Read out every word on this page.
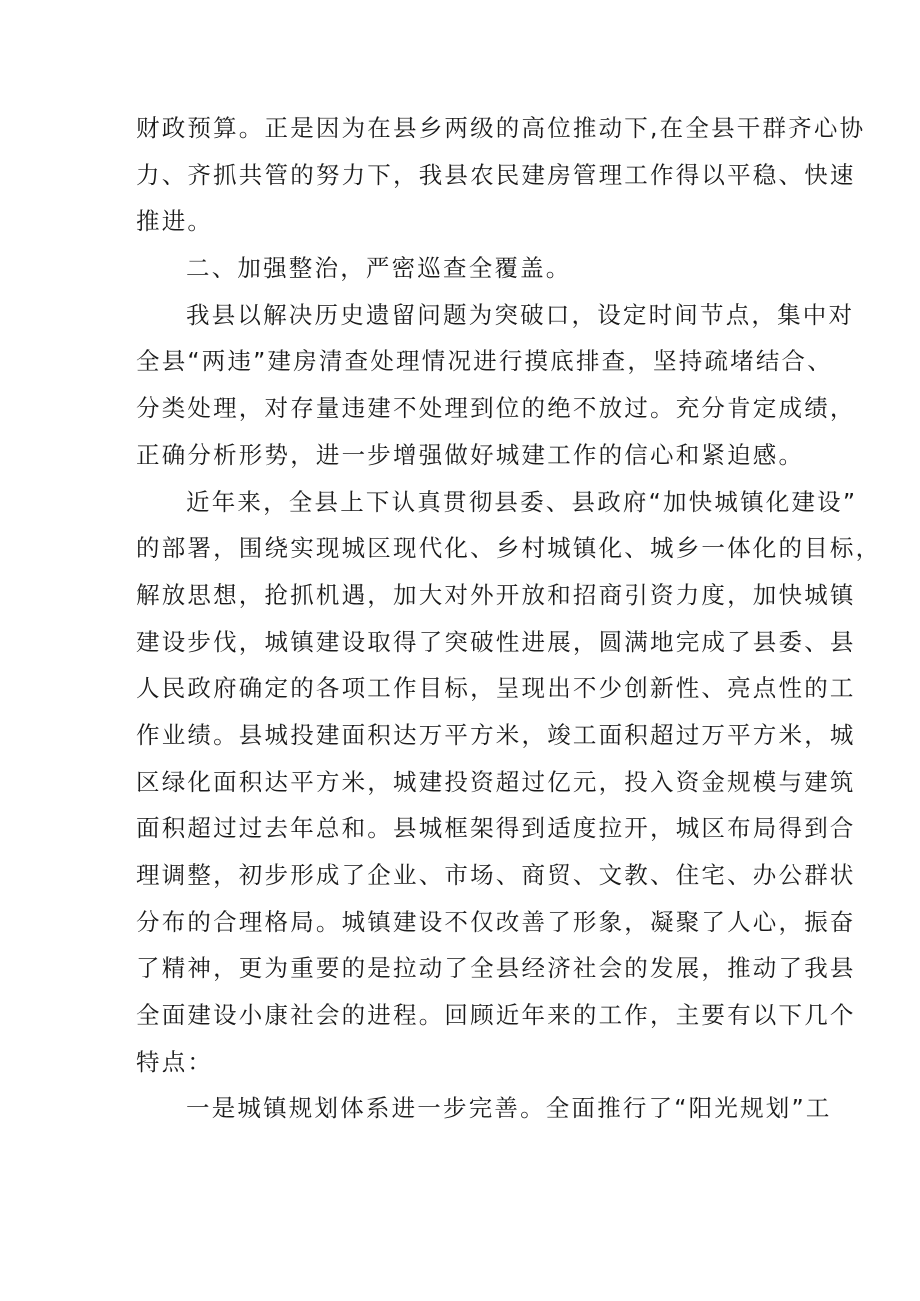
财政预算。正是因为在县乡两级的高位推动下,在全县干群齐心协
力、齐抓共管的努力下，我县农民建房管理工作得以平稳、快速
推进。
二、加强整治，严密巡查全覆盖。
我县以解决历史遗留问题为突破口，设定时间节点，集中对
全县“两违”建房清查处理情况进行摸底排查，坚持疏堵结合、
分类处理，对存量违建不处理到位的绝不放过。充分肯定成绩，
正确分析形势，进一步增强做好城建工作的信心和紧迫感。
近年来，全县上下认真贯彻县委、县政府“加快城镇化建设”
的部署，围绕实现城区现代化、乡村城镇化、城乡一体化的目标，
解放思想，抢抓机遇，加大对外开放和招商引资力度，加快城镇
建设步伐，城镇建设取得了突破性进展，圆满地完成了县委、县
人民政府确定的各项工作目标，呈现出不少创新性、亮点性的工
作业绩。县城投建面积达万平方米，竣工面积超过万平方米，城
区绿化面积达平方米，城建投资超过亿元，投入资金规模与建筑
面积超过过去年总和。县城框架得到适度拉开，城区布局得到合
理调整，初步形成了企业、市场、商贸、文教、住宅、办公群状
分布的合理格局。城镇建设不仅改善了形象，凝聚了人心，振奋
了精神，更为重要的是拉动了全县经济社会的发展，推动了我县
全面建设小康社会的进程。回顾近年来的工作，主要有以下几个
特点：
一是城镇规划体系进一步完善。全面推行了“阳光规划”工
